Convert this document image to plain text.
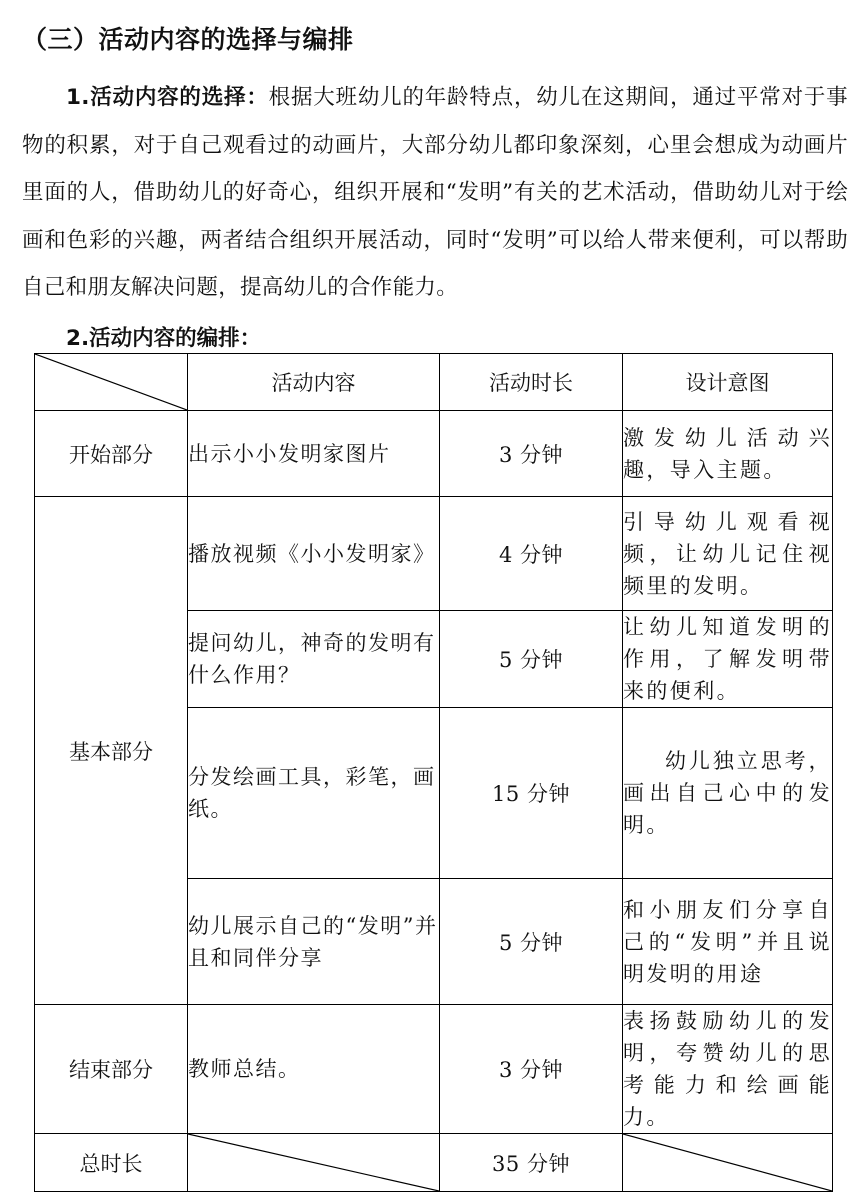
（三）活动内容的选择与编排
1.活动内容的选择：根据大班幼儿的年龄特点，幼儿在这期间，通过平常对于事物的积累，对于自己观看过的动画片，大部分幼儿都印象深刻，心里会想成为动画片里面的人，借助幼儿的好奇心，组织开展和“发明”有关的艺术活动，借助幼儿对于绘画和色彩的兴趣，两者结合组织开展活动，同时“发明”可以给人带来便利，可以帮助自己和朋友解决问题，提高幼儿的合作能力。
2.活动内容的编排：
	活动内容	活动时长	设计意图
开始部分	出示小小发明家图片	3 分钟	激发幼儿活动兴趣，导入主题。
基本部分	播放视频《小小发明家》	4 分钟	引导幼儿观看视频，让幼儿记住视频里的发明。
	提问幼儿，神奇的发明有什么作用？	5 分钟	让幼儿知道发明的作用，了解发明带来的便利。
	分发绘画工具，彩笔，画纸。	15 分钟	幼儿独立思考，画出自己心中的发明。

	幼儿展示自己的“发明”并且和同伴分享	5 分钟	和小朋友们分享自己的“发明”并且说明发明的用途
结束部分	教师总结。	3 分钟	表扬鼓励幼儿的发明，夸赞幼儿的思考能力和绘画能力。
总时长		35 分钟	
